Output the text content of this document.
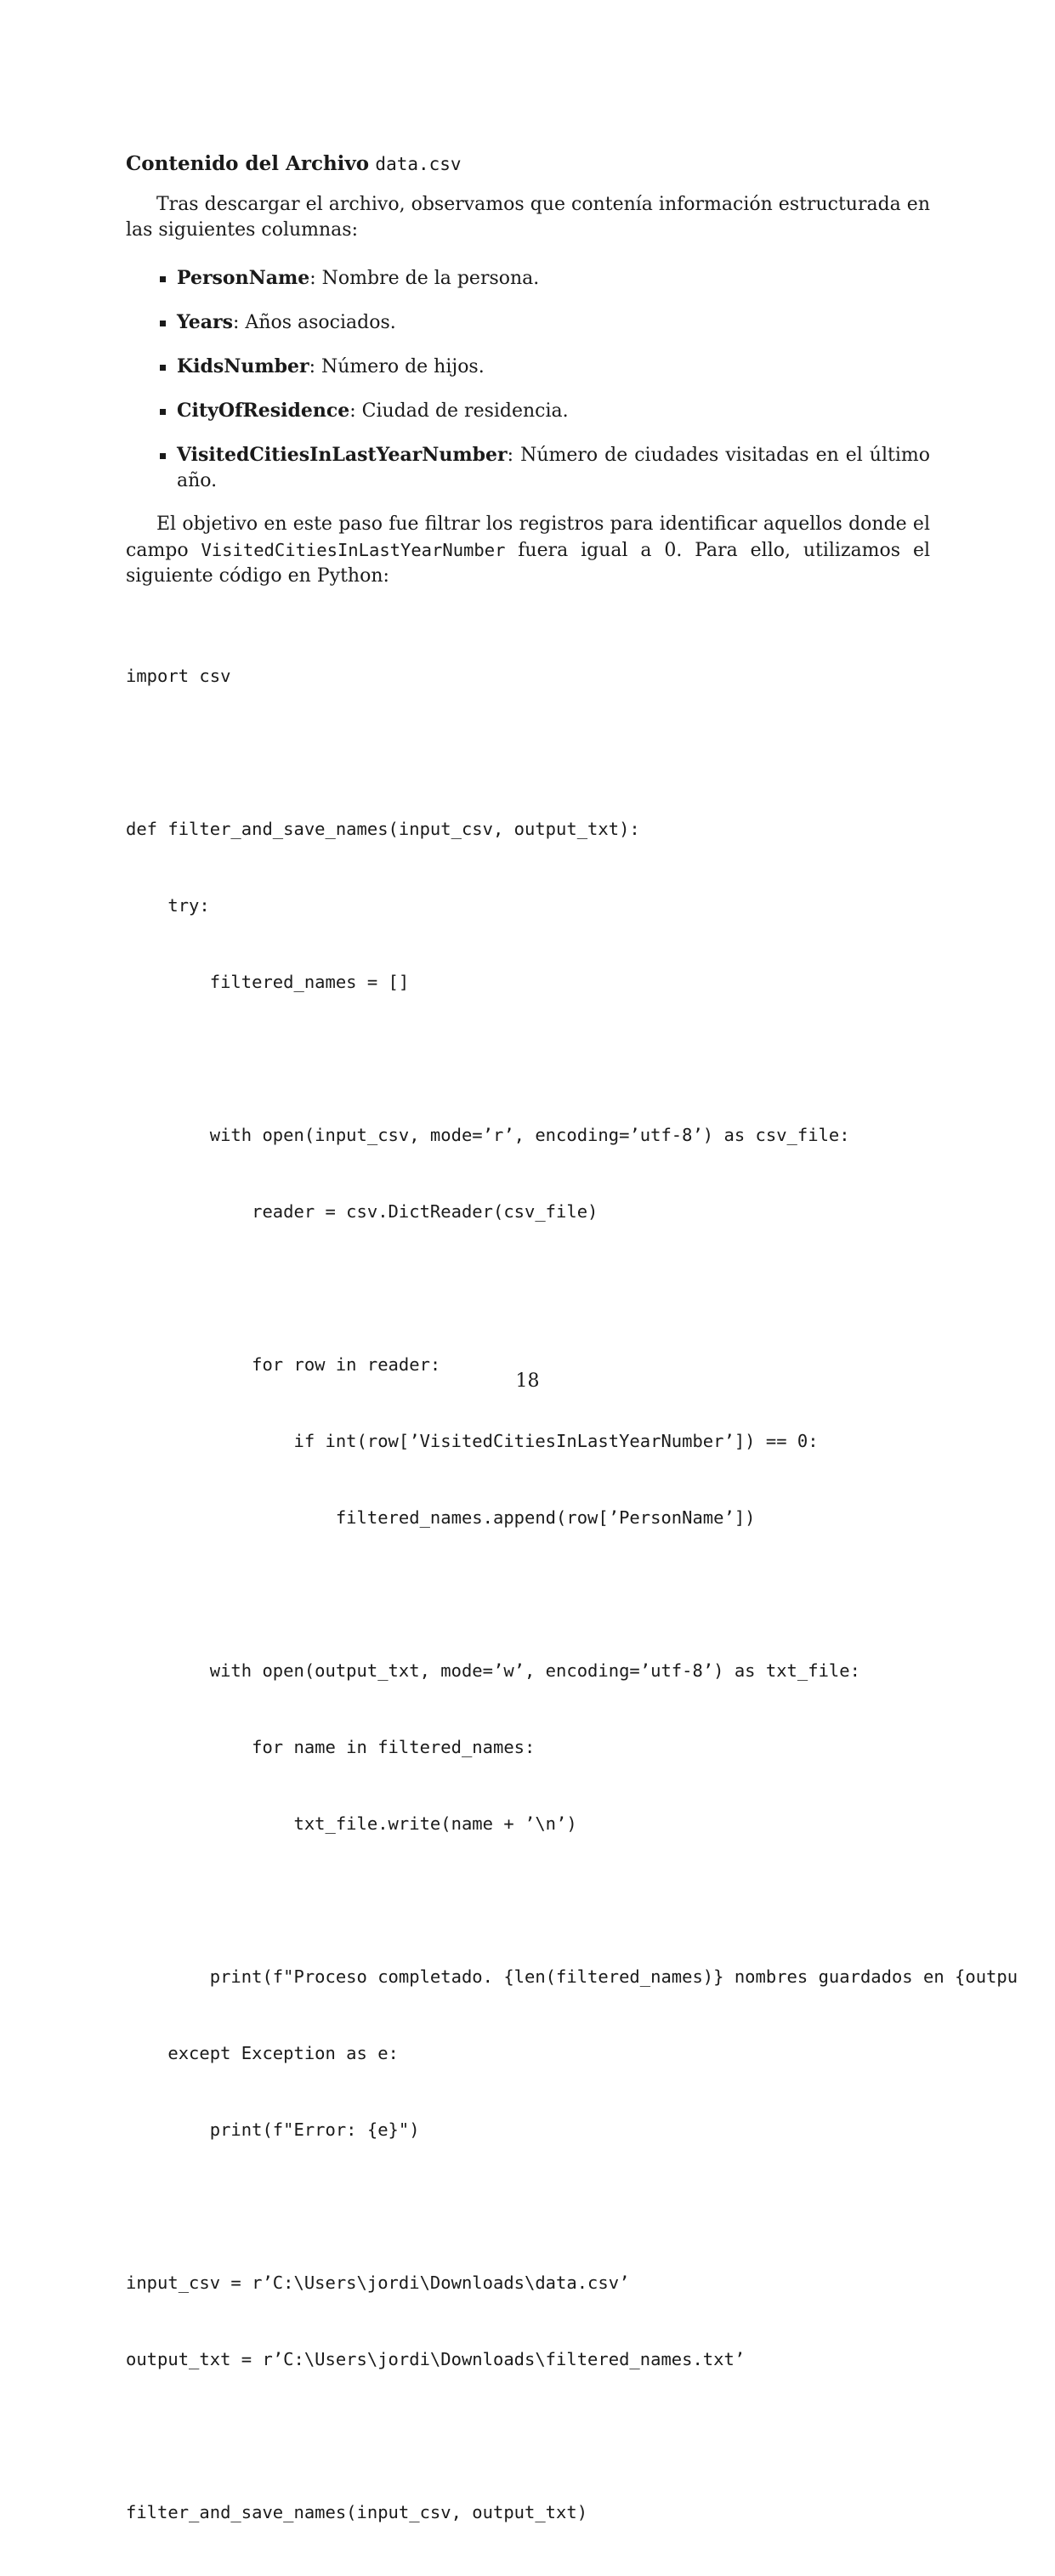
Contenido del Archivo data.csv
Tras descargar el archivo, observamos que contenía información estructurada en las siguientes columnas:
PersonName: Nombre de la persona.
Years: Años asociados.
KidsNumber: Número de hijos.
CityOfResidence: Ciudad de residencia.
VisitedCitiesInLastYearNumber: Número de ciudades visitadas en el último año.
El objetivo en este paso fue filtrar los registros para identificar aquellos donde el campo VisitedCitiesInLastYearNumber fuera igual a 0. Para ello, utilizamos el siguiente código en Python:

import csv

def filter_and_save_names(input_csv, output_txt):

try:

filtered_names = []

with open(input_csv, mode=’r’, encoding=’utf-8’) as csv_file:

reader = csv.DictReader(csv_file)

for row in reader:

if int(row[’VisitedCitiesInLastYearNumber’]) == 0:

filtered_names.append(row[’PersonName’])

with open(output_txt, mode=’w’, encoding=’utf-8’) as txt_file:

for name in filtered_names:

txt_file.write(name + ’\n’)

print(f"Proceso completado. {len(filtered_names)} nombres guardados en {outpu

except Exception as e:

print(f"Error: {e}")

input_csv = r’C:\Users\jordi\Downloads\data.csv’

output_txt = r’C:\Users\jordi\Downloads\filtered_names.txt’

filter_and_save_names(input_csv, output_txt)

18
